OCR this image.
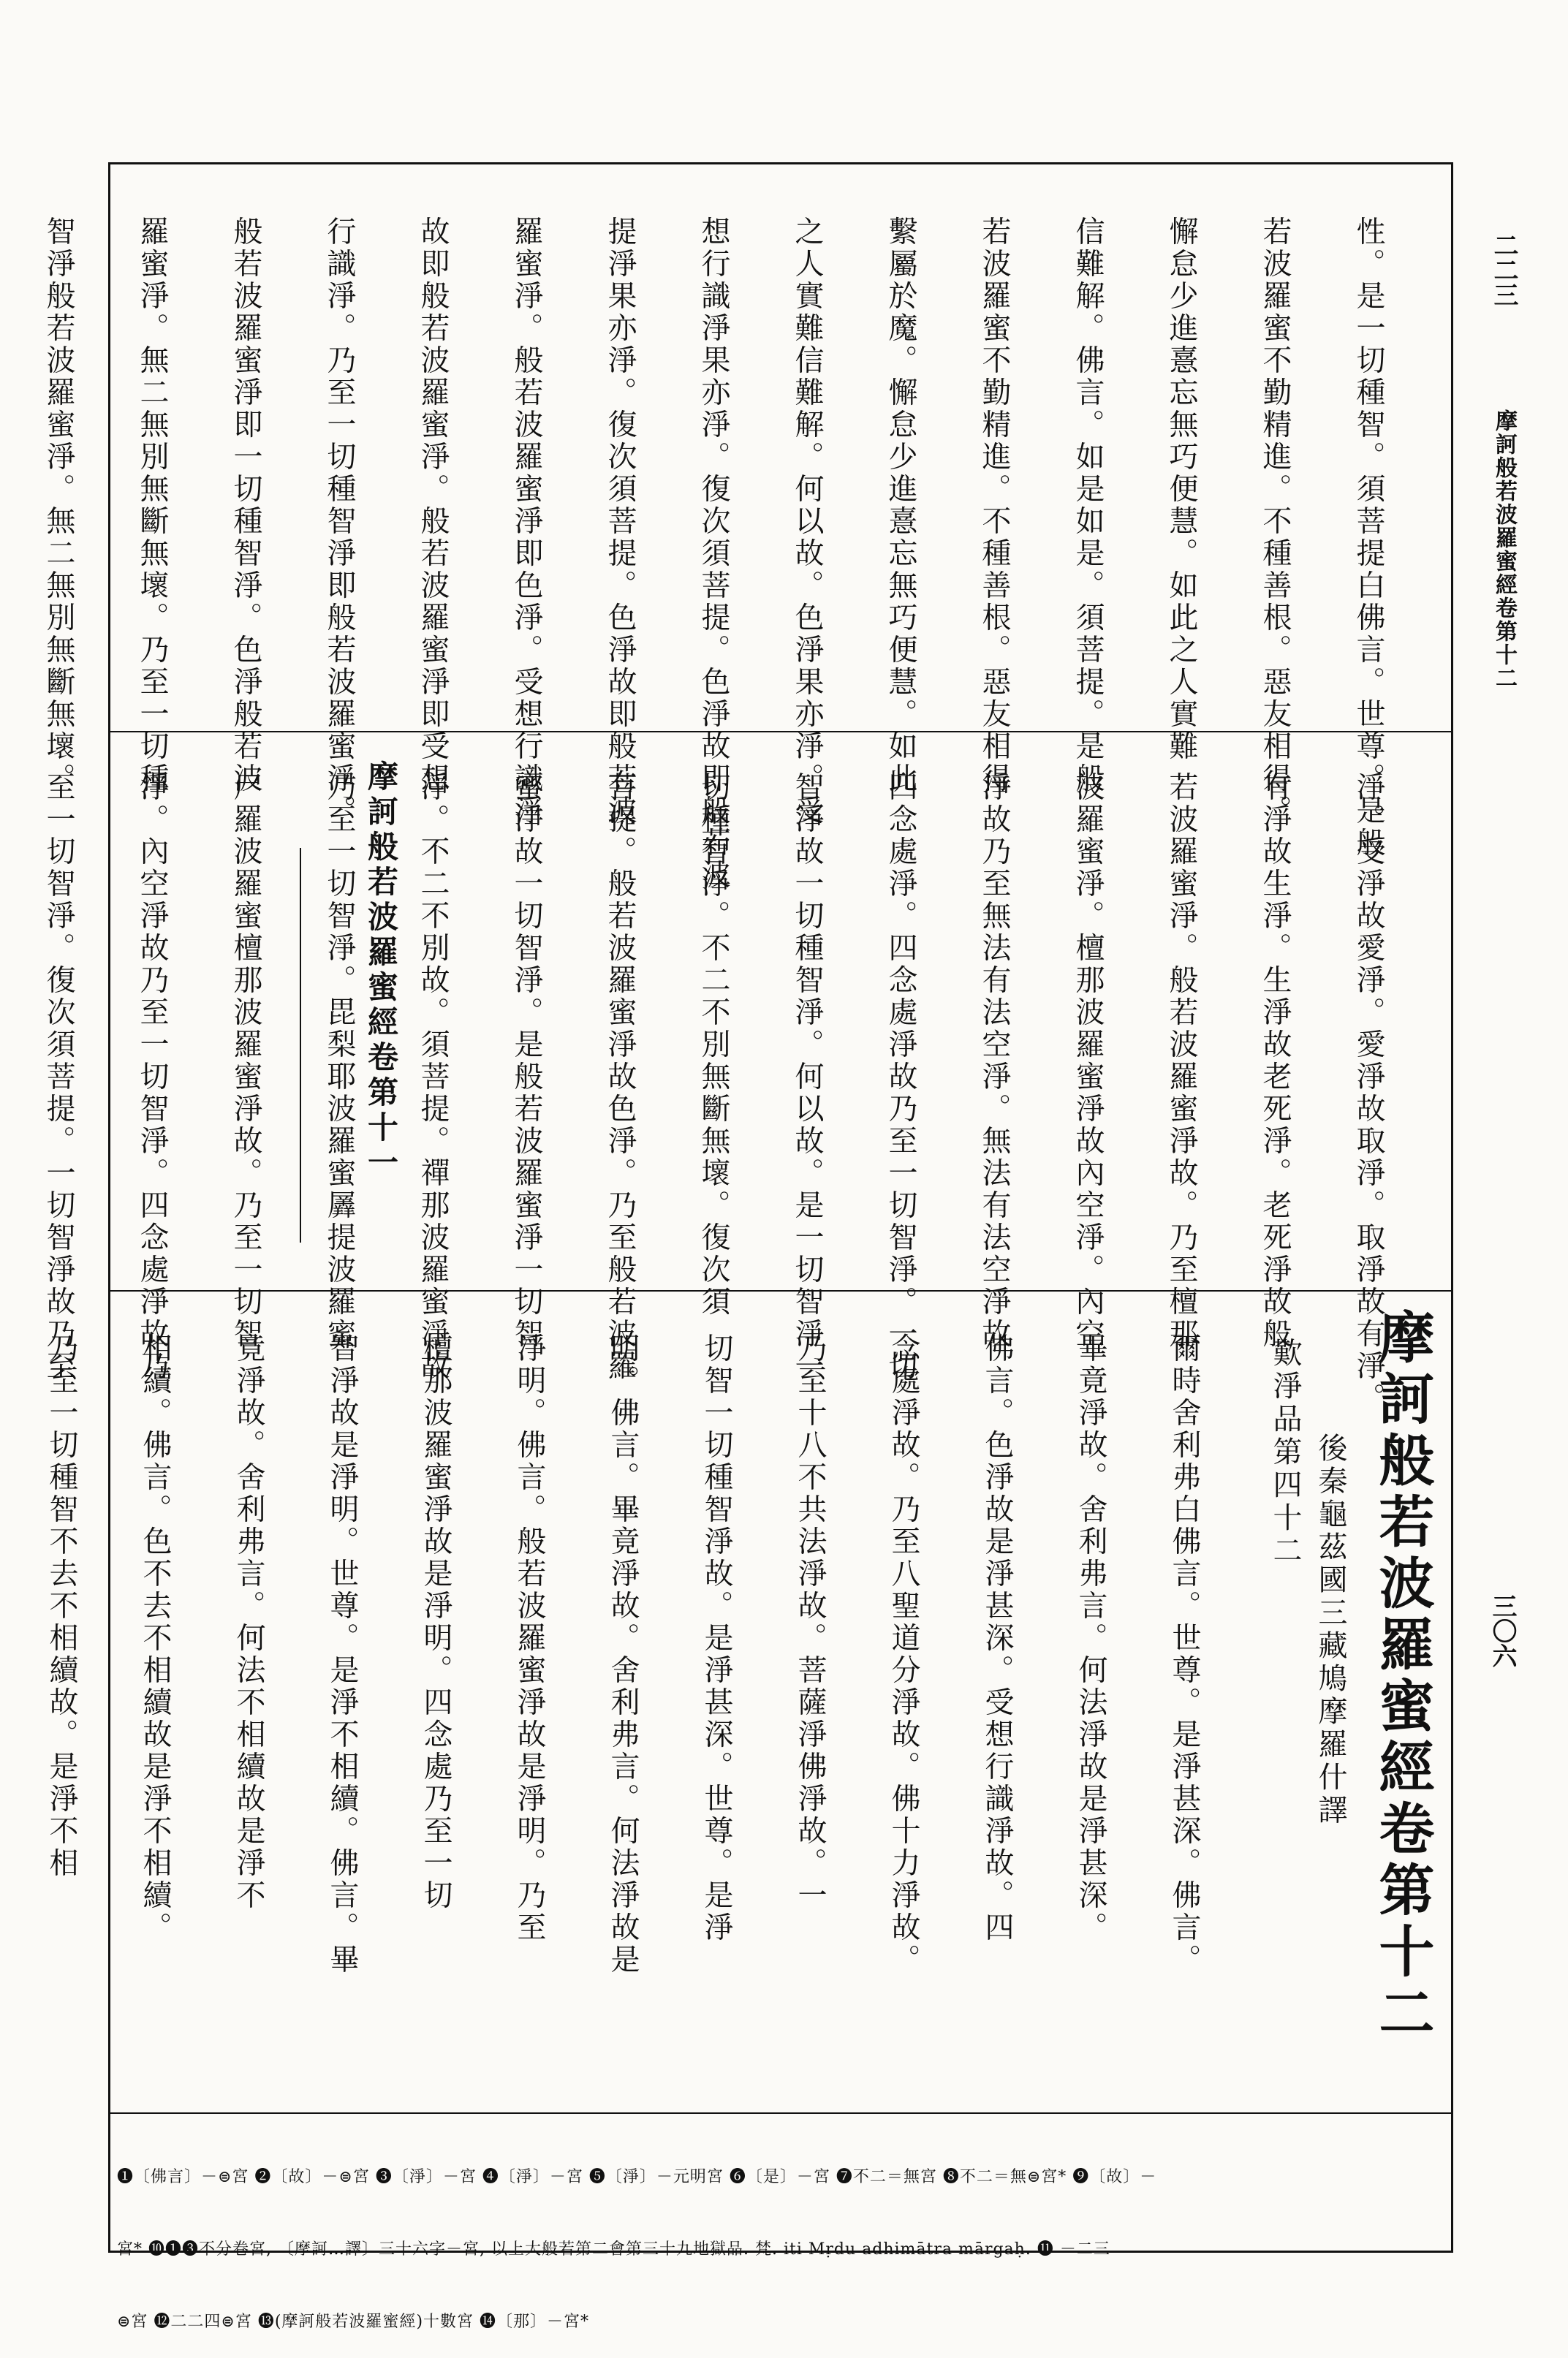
二二三
摩訶般若波羅蜜經卷第十二
三〇六

性。是一切種智。須菩提白佛言。世尊。是般

若波羅蜜不勤精進。不種善根。惡友相得。

懈怠少進憙忘無巧便慧。如此之人實難

信難解。佛言。如是如是。須菩提。是般

若波羅蜜不勤精進。不種善根。惡友相得

繫屬於魔。懈怠少進憙忘無巧便慧。如此

之人實難信難解。何以故。色淨果亦淨。受

想行識淨果亦淨。復次須菩提。色淨故即般若波

提淨果亦淨。復次須菩提。色淨故即般若波

羅蜜淨。般若波羅蜜淨即色淨。受想行識淨

故即般若波羅蜜淨。般若波羅蜜淨即受想

行識淨。乃至一切種智淨即般若波羅蜜淨。

般若波羅蜜淨即一切種智淨。色淨般若波

羅蜜淨。無二無別無斷無壞。乃至一切種

智淨般若波羅蜜淨。無二無別無斷無壞。

淨。受淨故愛淨。愛淨故取淨。取淨故有淨。

有淨故生淨。生淨故老死淨。老死淨故般

若波羅蜜淨。般若波羅蜜淨故。乃至檀那

波羅蜜淨。檀那波羅蜜淨故內空淨。內空

淨故乃至無法有法空淨。無法有法空淨故

四念處淨。四念處淨故乃至一切智淨。一切

智淨故一切種智淨。何以故。是一切智淨一

切種智淨。不二不別無斷無壞。復次須

菩提。般若波羅蜜淨故色淨。乃至般若波羅

蜜淨故一切智淨。是般若波羅蜜淨一切智

淨。不二不別故。須菩提。禪那波羅蜜淨故

乃至一切智淨。毘梨耶波羅蜜羼提波羅蜜

尸羅波羅蜜檀那波羅蜜淨故。乃至一切智

淨。內空淨故乃至一切智淨。四念處淨故乃

至一切智淨。復次須菩提。一切智淨故乃至

	摩訶般若波羅蜜經卷第十一
摩訶般若波羅蜜經卷第十二
後秦龜茲國三藏鳩摩羅什譯
歎淨品第四十二

爾時舍利弗白佛言。世尊。是淨甚深。佛言。

畢竟淨故。舍利弗言。何法淨故是淨甚深。

佛言。色淨故是淨甚深。受想行識淨故。四

念處淨故。乃至八聖道分淨故。佛十力淨故。

乃至十八不共法淨故。菩薩淨佛淨故。一

切智一切種智淨故。是淨甚深。世尊。是淨

明。佛言。畢竟淨故。舍利弗言。何法淨故是

淨明。佛言。般若波羅蜜淨故是淨明。乃至

檀那波羅蜜淨故是淨明。四念處乃至一切

智淨故是淨明。世尊。是淨不相續。佛言。畢

竟淨故。舍利弗言。何法不相續故是淨不

相續。佛言。色不去不相續故是淨不相續。

乃至一切種智不去不相續故。是淨不相

❶〔佛言〕－⊜宮 ❷〔故〕－⊜宮 ❸〔淨〕－宮 ❹〔淨〕－宮 ❺〔淨〕－元明宮 ❻〔是〕－宮 ❼不二＝無宮 ❽不二＝無⊜宮* ❾〔故〕－

宮* ❿❶❸不分卷宮, 〔摩訶…譯〕三十六字－宮, 以上大般若第二會第三十九地獄品. 梵. iti Mṛdu adhimātra mārgaḥ. ⓫ －二三

⊜宮 ⓬二二四⊜宮 ⓭(摩訶般若波羅蜜經)十數宮 ⓮〔那〕－宮*
